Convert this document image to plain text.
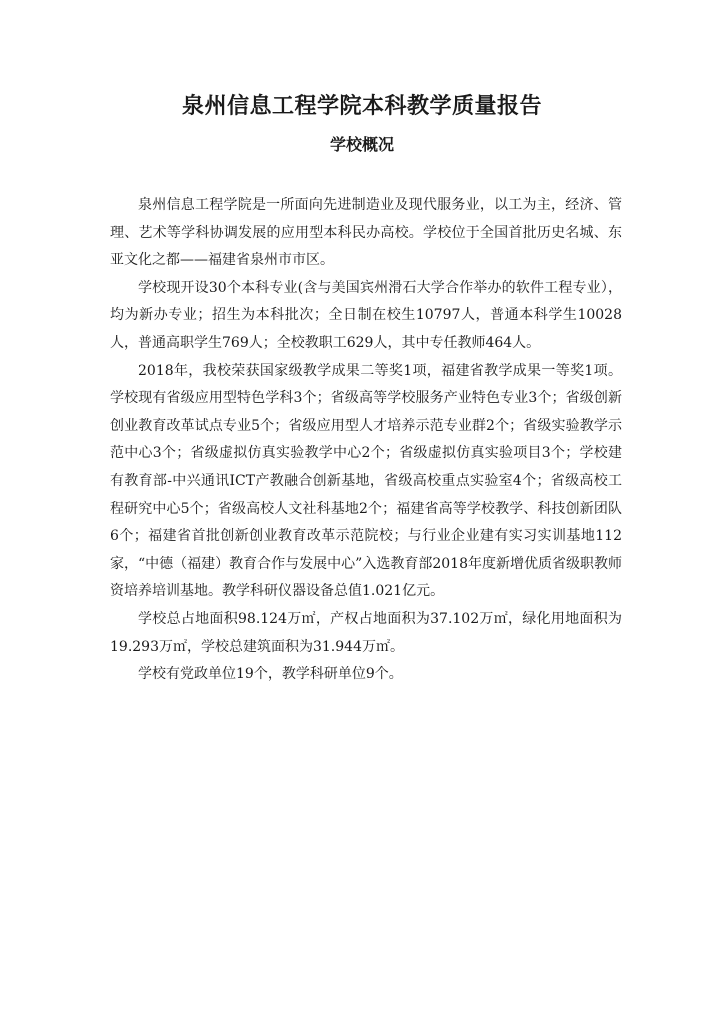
泉州信息工程学院本科教学质量报告
学校概况

泉州信息工程学院是一所面向先进制造业及现代服务业，以工为主，经济、管理、艺术等学科协调发展的应用型本科民办高校。学校位于全国首批历史名城、东亚文化之都——福建省泉州市市区。

学校现开设30个本科专业(含与美国宾州滑石大学合作举办的软件工程专业），均为新办专业；招生为本科批次；全日制在校生10797人，普通本科学生10028人，普通高职学生769人；全校教职工629人，其中专任教师464人。

2018年，我校荣获国家级教学成果二等奖1项，福建省教学成果一等奖1项。学校现有省级应用型特色学科3个；省级高等学校服务产业特色专业3个；省级创新创业教育改革试点专业5个；省级应用型人才培养示范专业群2个；省级实验教学示范中心3个；省级虚拟仿真实验教学中心2个；省级虚拟仿真实验项目3个；学校建有教育部-中兴通讯ICT产教融合创新基地，省级高校重点实验室4个；省级高校工程研究中心5个；省级高校人文社科基地2个；福建省高等学校教学、科技创新团队6个；福建省首批创新创业教育改革示范院校；与行业企业建有实习实训基地112家，“中德（福建）教育合作与发展中心”入选教育部2018年度新增优质省级职教师资培养培训基地。教学科研仪器设备总值1.021亿元。

学校总占地面积98.124万㎡，产权占地面积为37.102万㎡，绿化用地面积为19.293万㎡，学校总建筑面积为31.944万㎡。

学校有党政单位19个，教学科研单位9个。
